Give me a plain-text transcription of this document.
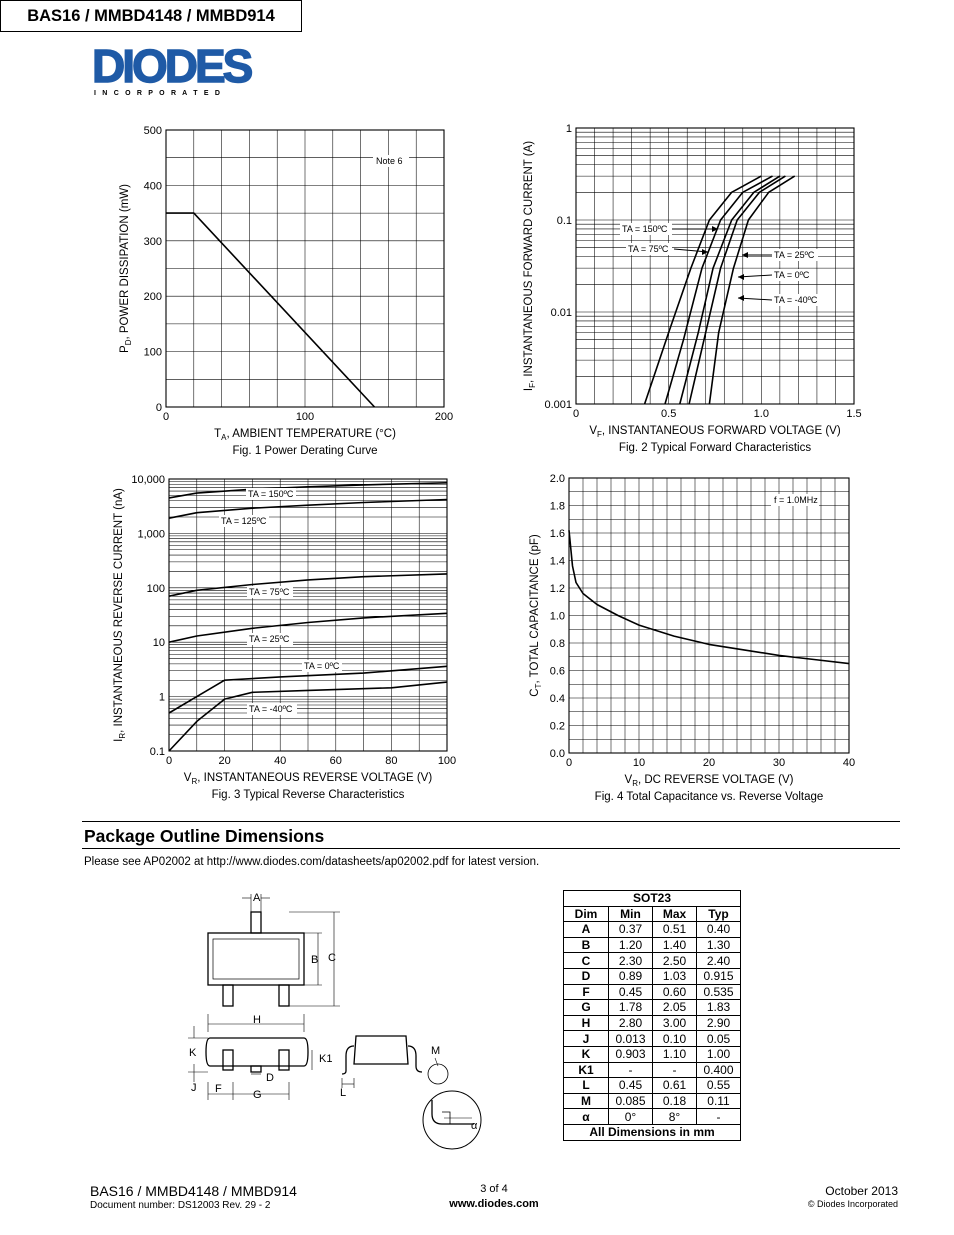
DIODES
I N C O R P O R A T E D
BAS16 / MMBD4148 / MMBD914
0	100	200
0
100
200
300
400
500
$T_A$, AMBIENT TEMPERATURE (°C)
$P_D$, POWER DISSIPATION (mW)
Fig. 1 Power Derating Curve
Note 6
0	0.5	1.0	1.5
0.001
0.01
0.1
1
$V_F$, INSTANTANEOUS FORWARD VOLTAGE (V)
$I_F$, INSTANTANEOUS FORWARD CURRENT (A)
Fig. 2 Typical Forward Characteristics
TA = 150ºC
TA = 75ºC
TA = 25ºC
TA = 0ºC
TA = -40ºC
0	20	40	60	80	100
0.1
1
10
100
1,000
10,000
$V_R$, INSTANTANEOUS REVERSE VOLTAGE (V)
$I_R$, INSTANTANEOUS REVERSE CURRENT (nA)
Fig. 3 Typical Reverse Characteristics
TA = 150ºC
TA = 125ºC
TA = 75ºC
TA = 25ºC
TA = 0ºC
TA = -40ºC
0	10	20	30	40
0.0
0.2
0.4
0.6
0.8
1.0
1.2
1.4
1.6
1.8
2.0
$V_R$, DC REVERSE VOLTAGE (V)
$C_T$, TOTAL CAPACITANCE (pF)
Fig. 4 Total Capacitance vs. Reverse Voltage
f = 1.0MHz
Package Outline Dimensions
Please see AP02002 at http://www.diodes.com/datasheets/ap02002.pdf for latest version.
A
B C
H
K
J F
D
G
K1
L
M
α
SOT23			
Dim	Min	Max	Typ
A	0.37	0.51	0.40
B	1.20	1.40	1.30
C	2.30	2.50	2.40
D	0.89	1.03	0.915
F	0.45	0.60	0.535
G	1.78	2.05	1.83
H	2.80	3.00	2.90
J	0.013	0.10	0.05
K	0.903	1.10	1.00
K1	-	-	0.400
L	0.45	0.61	0.55
M	0.085	0.18	0.11
α	0°	8°	-
All Dimensions in mm			
BAS16 / MMBD4148 / MMBD914
Document number: DS12003 Rev. 29 - 2
3 of 4
www.diodes.com
October 2013
© Diodes Incorporated
